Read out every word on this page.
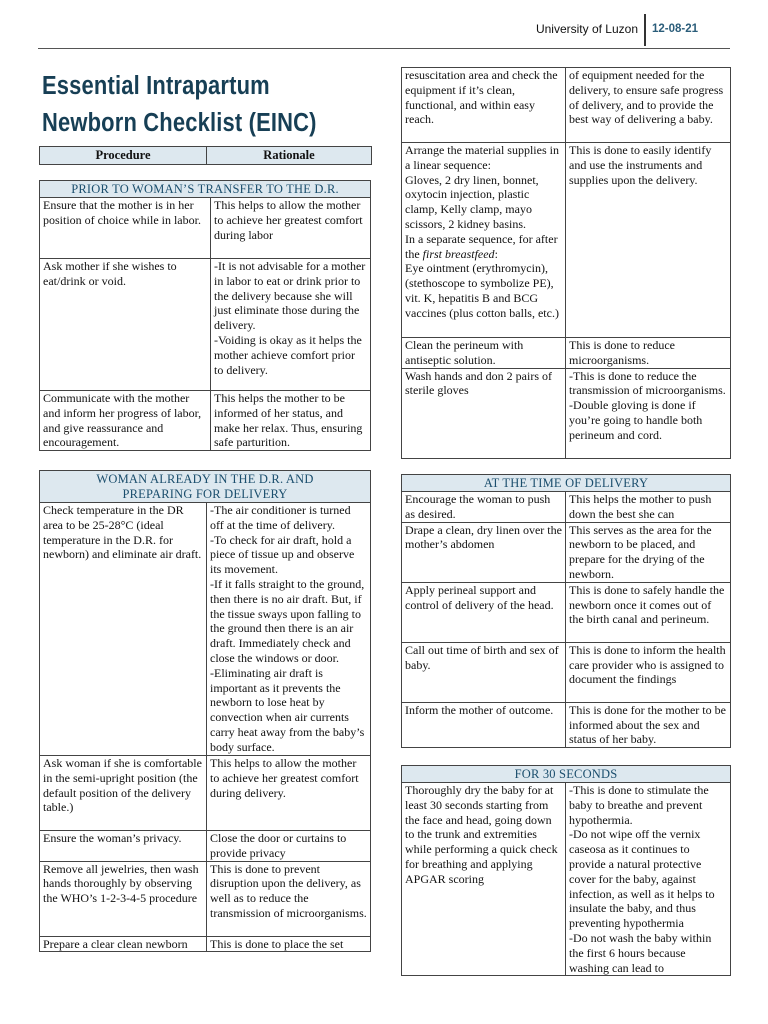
University of Luzon 12-08-21
Essential Intrapartum
Newborn Checklist (EINC)
Procedure	Rationale
PRIOR TO WOMAN’S TRANSFER TO THE D.R.	
Ensure that the mother is in her position of choice while in labor.	This helps to allow the mother to achieve her greatest comfort during labor
Ask mother if she wishes to eat/drink or void.	-It is not advisable for a mother in labor to eat or drink prior to the delivery because she will just eliminate those during the delivery.
-Voiding is okay as it helps the mother achieve comfort prior to delivery.
Communicate with the mother and inform her progress of labor, and give reassurance and encouragement.	This helps the mother to be informed of her status, and make her relax. Thus, ensuring safe parturition.
WOMAN ALREADY IN THE D.R. AND PREPARING FOR DELIVERY	
Check temperature in the DR area to be 25-28°C (ideal temperature in the D.R. for newborn) and eliminate air draft.	-The air conditioner is turned off at the time of delivery.
-To check for air draft, hold a piece of tissue up and observe its movement.
-If it falls straight to the ground, then there is no air draft. But, if the tissue sways upon falling to the ground then there is an air draft. Immediately check and close the windows or door.
-Eliminating air draft is important as it prevents the newborn to lose heat by convection when air currents carry heat away from the baby’s body surface.
Ask woman if she is comfortable in the semi-upright position (the default position of the delivery table.)	This helps to allow the mother to achieve her greatest comfort during delivery.
Ensure the woman’s privacy.	Close the door or curtains to provide privacy
Remove all jewelries, then wash hands thoroughly by observing the WHO’s 1-2-3-4-5 procedure	This is done to prevent disruption upon the delivery, as well as to reduce the transmission of microorganisms.
Prepare a clear clean newborn	This is done to place the set
resuscitation area and check the equipment if it’s clean, functional, and within easy reach.	of equipment needed for the delivery, to ensure safe progress of delivery, and to provide the best way of delivering a baby.
Arrange the material supplies in a linear sequence:
Gloves, 2 dry linen, bonnet, oxytocin injection, plastic clamp, Kelly clamp, mayo scissors, 2 kidney basins.
In a separate sequence, for after the first breastfeed:
Eye ointment (erythromycin), (stethoscope to symbolize PE), vit. K, hepatitis B and BCG vaccines (plus cotton balls, etc.)	This is done to easily identify and use the instruments and supplies upon the delivery.
Clean the perineum with antiseptic solution.	This is done to reduce microorganisms.
Wash hands and don 2 pairs of sterile gloves	-This is done to reduce the transmission of microorganisms.
-Double gloving is done if you’re going to handle both perineum and cord.
AT THE TIME OF DELIVERY	
Encourage the woman to push as desired.	This helps the mother to push down the best she can
Drape a clean, dry linen over the mother’s abdomen	This serves as the area for the newborn to be placed, and prepare for the drying of the newborn.
Apply perineal support and control of delivery of the head.	This is done to safely handle the newborn once it comes out of the birth canal and perineum.
Call out time of birth and sex of baby.	This is done to inform the health care provider who is assigned to document the findings
Inform the mother of outcome.	This is done for the mother to be informed about the sex and status of her baby.
FOR 30 SECONDS
Thoroughly dry the baby for at least 30 seconds starting from the face and head, going down to the trunk and extremities while performing a quick check for breathing and applying APGAR scoring	-This is done to stimulate the baby to breathe and prevent hypothermia.
-Do not wipe off the vernix caseosa as it continues to provide a natural protective cover for the baby, against infection, as well as it helps to insulate the baby, and thus preventing hypothermia
-Do not wash the baby within the first 6 hours because washing can lead to
